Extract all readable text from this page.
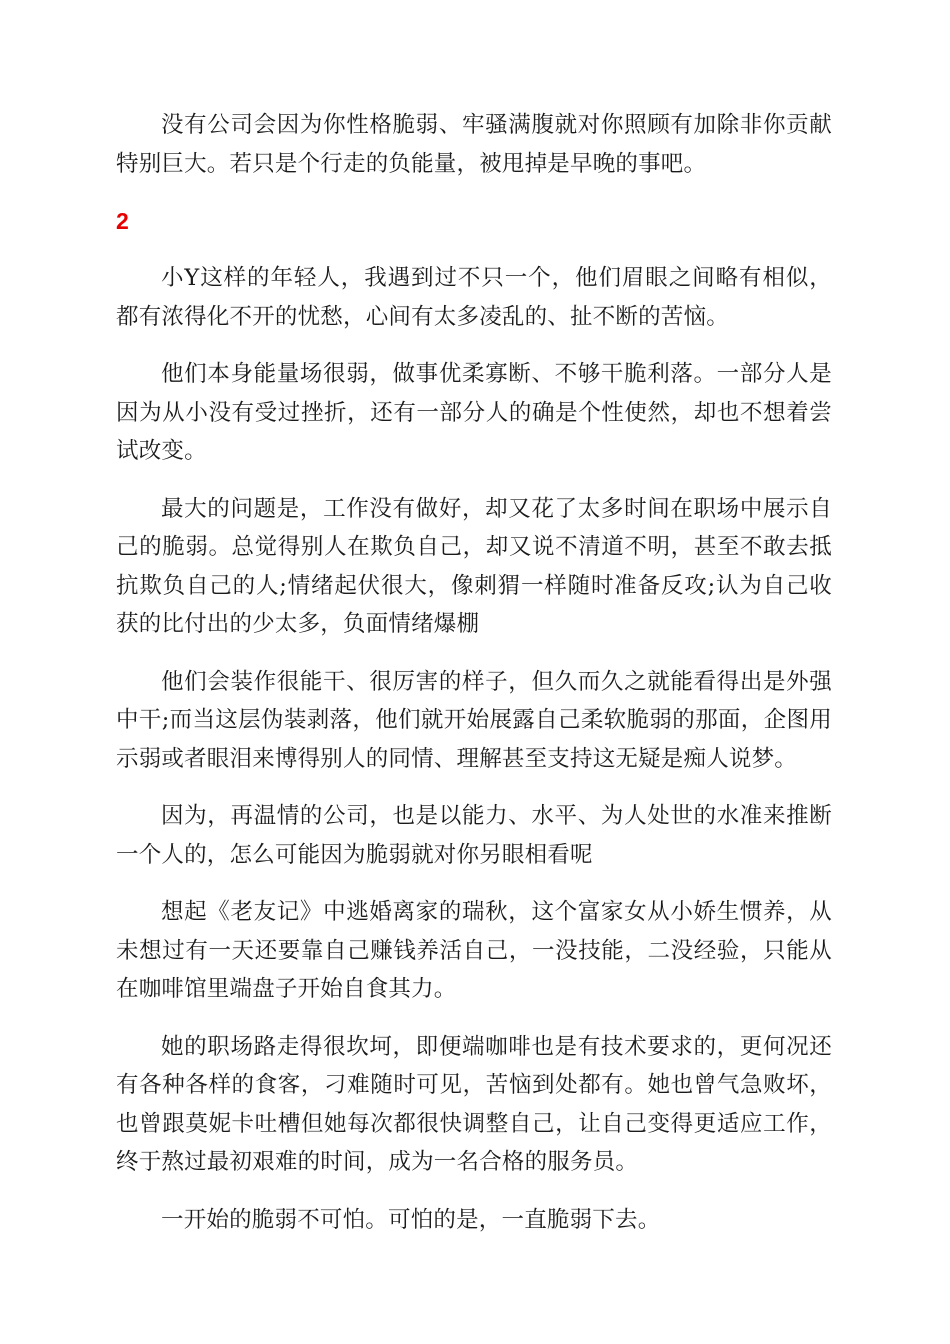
没有公司会因为你性格脆弱、牢骚满腹就对你照顾有加除非你贡献特别巨大。若只是个行走的负能量，被甩掉是早晚的事吧。

2

小Y这样的年轻人，我遇到过不只一个，他们眉眼之间略有相似，都有浓得化不开的忧愁，心间有太多凌乱的、扯不断的苦恼。

他们本身能量场很弱，做事优柔寡断、不够干脆利落。一部分人是因为从小没有受过挫折，还有一部分人的确是个性使然，却也不想着尝试改变。

最大的问题是，工作没有做好，却又花了太多时间在职场中展示自己的脆弱。总觉得别人在欺负自己，却又说不清道不明，甚至不敢去抵抗欺负自己的人;情绪起伏很大，像刺猬一样随时准备反攻;认为自己收获的比付出的少太多，负面情绪爆棚

他们会装作很能干、很厉害的样子，但久而久之就能看得出是外强中干;而当这层伪装剥落，他们就开始展露自己柔软脆弱的那面，企图用示弱或者眼泪来博得别人的同情、理解甚至支持这无疑是痴人说梦。

因为，再温情的公司，也是以能力、水平、为人处世的水准来推断一个人的，怎么可能因为脆弱就对你另眼相看呢

想起《老友记》中逃婚离家的瑞秋，这个富家女从小娇生惯养，从未想过有一天还要靠自己赚钱养活自己，一没技能，二没经验，只能从在咖啡馆里端盘子开始自食其力。

她的职场路走得很坎坷，即便端咖啡也是有技术要求的，更何况还有各种各样的食客，刁难随时可见，苦恼到处都有。她也曾气急败坏，也曾跟莫妮卡吐槽但她每次都很快调整自己，让自己变得更适应工作，终于熬过最初艰难的时间，成为一名合格的服务员。

一开始的脆弱不可怕。可怕的是，一直脆弱下去。
